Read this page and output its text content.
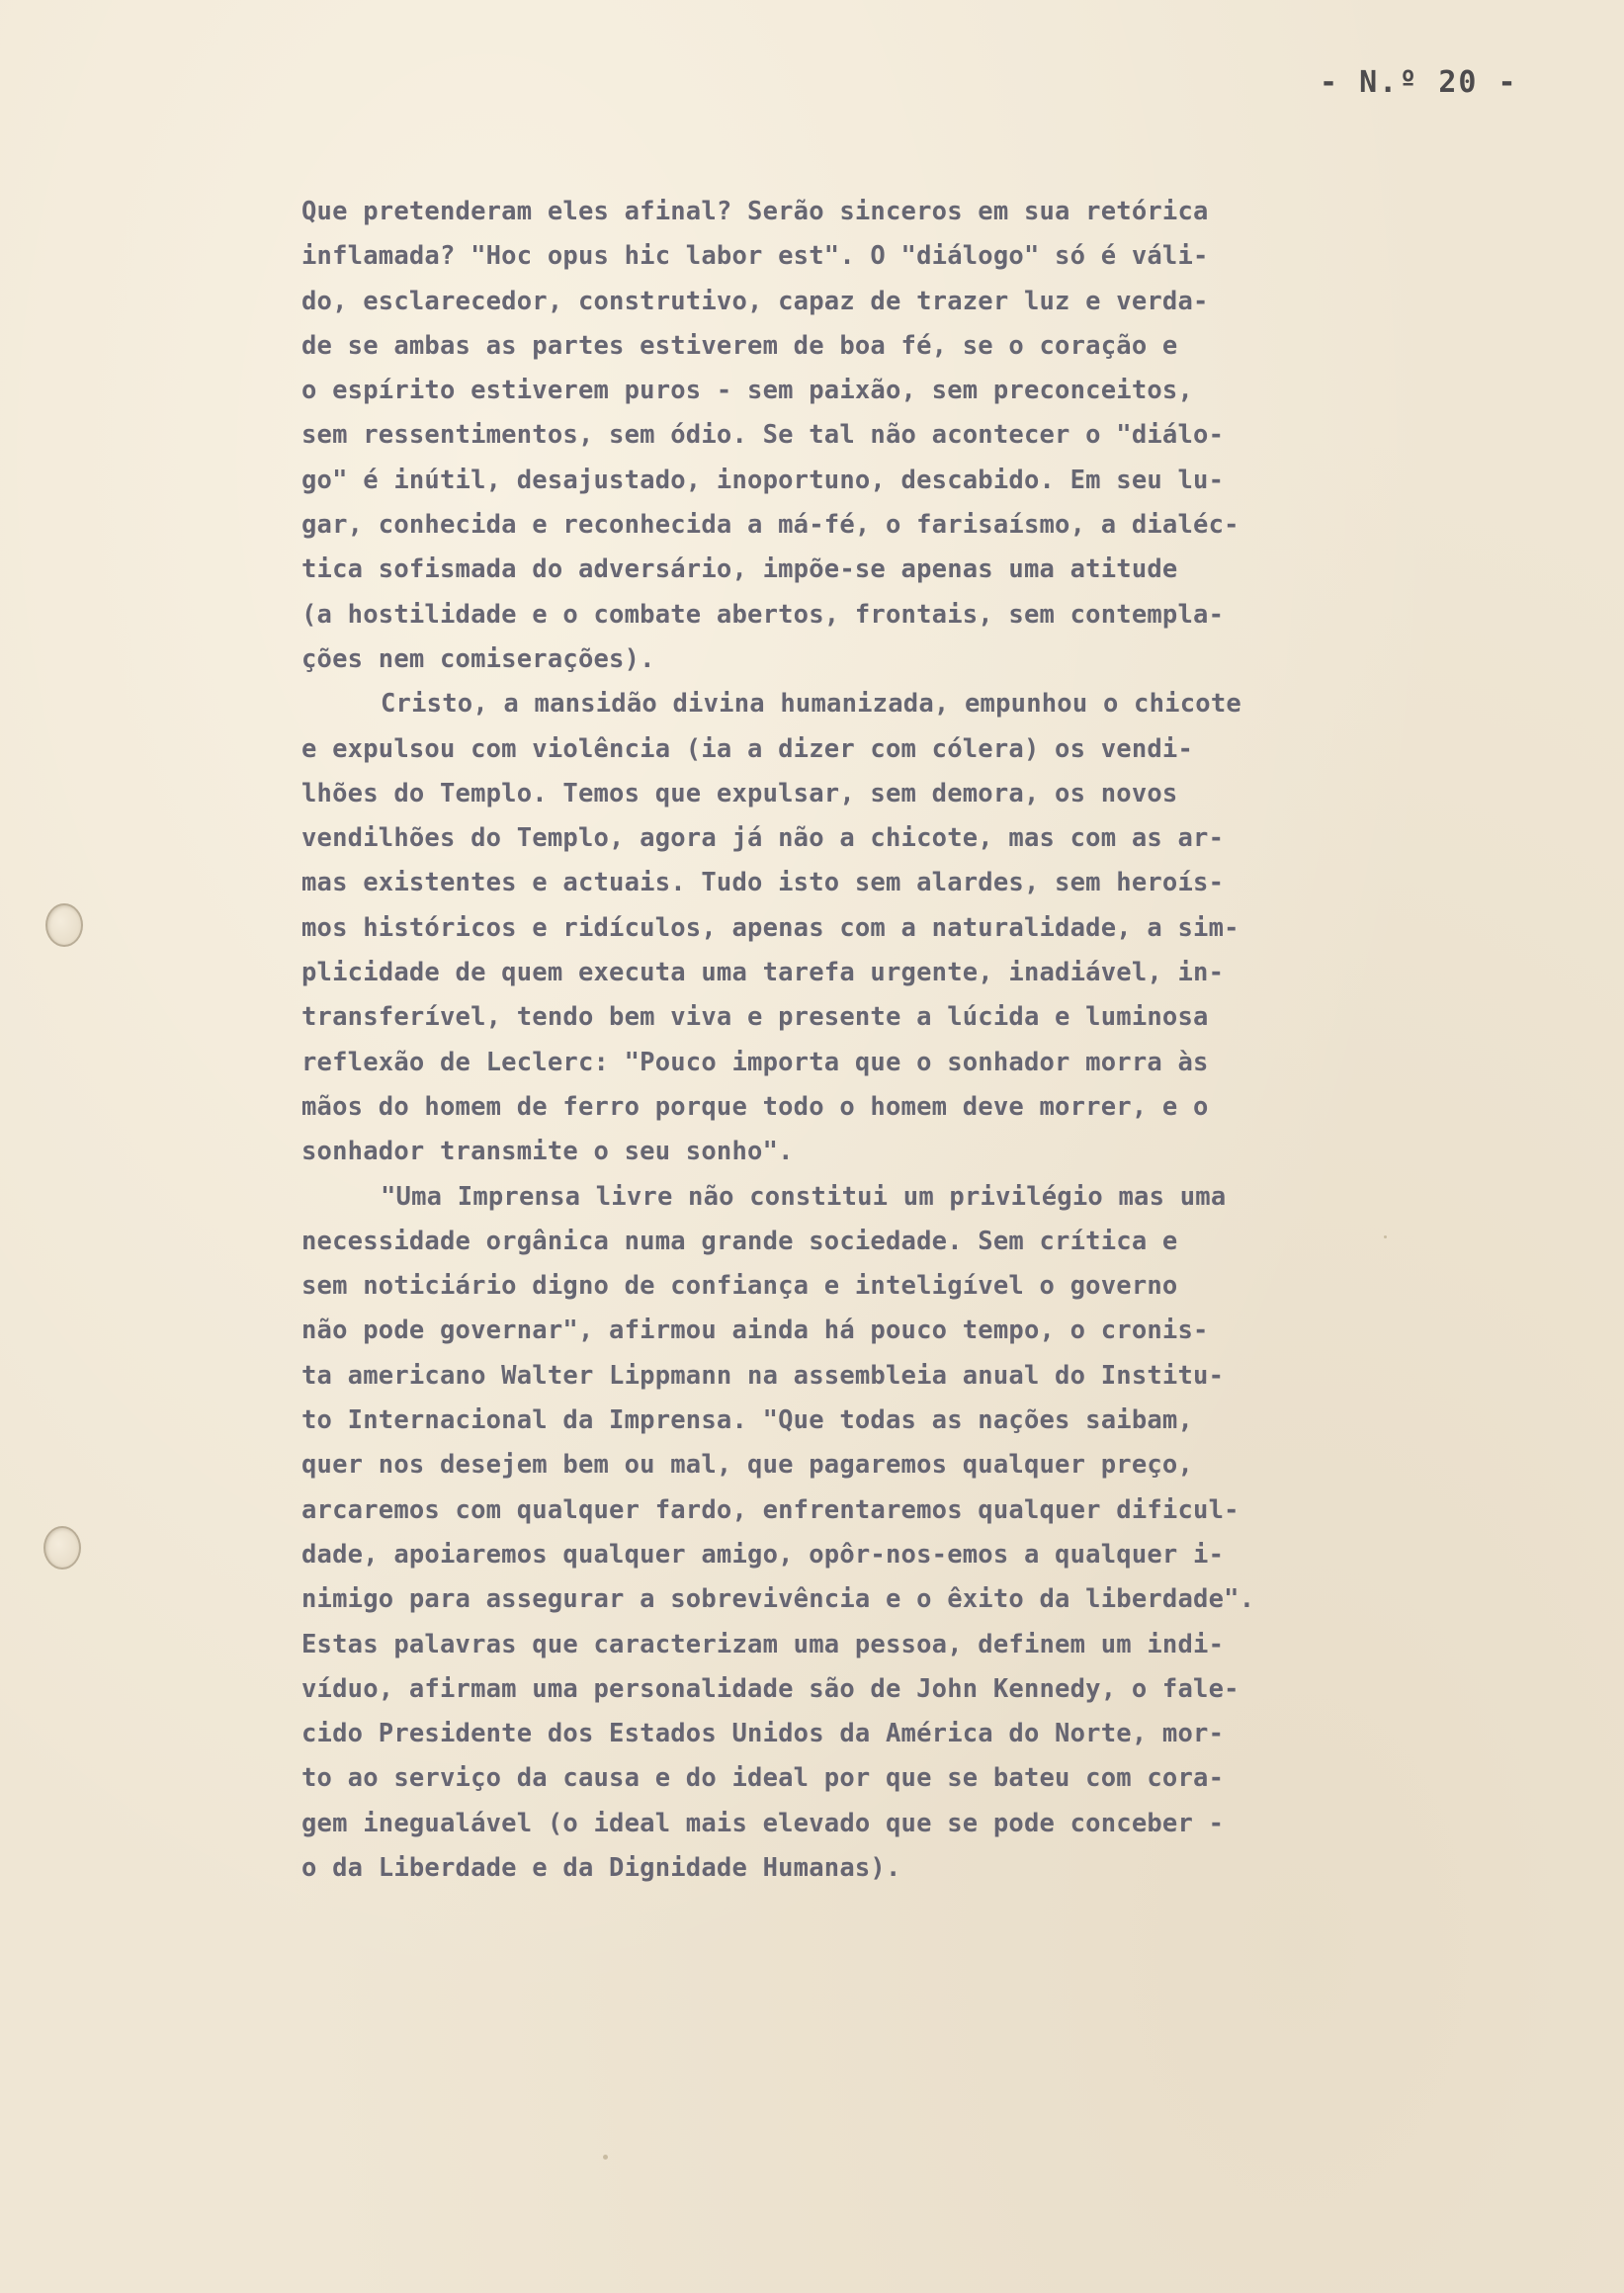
- N.º 20 -
Que pretenderam eles afinal? Serão sinceros em sua retórica
inflamada? "Hoc opus hic labor est". O "diálogo" só é váli-
do, esclarecedor, construtivo, capaz de trazer luz e verda-
de se ambas as partes estiverem de boa fé, se o coração e
o espírito estiverem puros - sem paixão, sem preconceitos,
sem ressentimentos, sem ódio. Se tal não acontecer o "diálo-
go" é inútil, desajustado, inoportuno, descabido. Em seu lu-
gar, conhecida e reconhecida a má-fé, o farisaísmo, a dialéc-
tica sofismada do adversário, impõe-se apenas uma atitude
(a hostilidade e o combate abertos, frontais, sem contempla-
ções nem comiserações).
Cristo, a mansidão divina humanizada, empunhou o chicote
e expulsou com violência (ia a dizer com cólera) os vendi-
lhões do Templo. Temos que expulsar, sem demora, os novos
vendilhões do Templo, agora já não a chicote, mas com as ar-
mas existentes e actuais. Tudo isto sem alardes, sem heroís-
mos históricos e ridículos, apenas com a naturalidade, a sim-
plicidade de quem executa uma tarefa urgente, inadiável, in-
transferível, tendo bem viva e presente a lúcida e luminosa
reflexão de Leclerc: "Pouco importa que o sonhador morra às
mãos do homem de ferro porque todo o homem deve morrer, e o
sonhador transmite o seu sonho".
"Uma Imprensa livre não constitui um privilégio mas uma
necessidade orgânica numa grande sociedade. Sem crítica e
sem noticiário digno de confiança e inteligível o governo
não pode governar", afirmou ainda há pouco tempo, o cronis-
ta americano Walter Lippmann na assembleia anual do Institu-
to Internacional da Imprensa. "Que todas as nações saibam,
quer nos desejem bem ou mal, que pagaremos qualquer preço,
arcaremos com qualquer fardo, enfrentaremos qualquer dificul-
dade, apoiaremos qualquer amigo, opôr-nos-emos a qualquer i-
nimigo para assegurar a sobrevivência e o êxito da liberdade".
Estas palavras que caracterizam uma pessoa, definem um indi-
víduo, afirmam uma personalidade são de John Kennedy, o fale-
cido Presidente dos Estados Unidos da América do Norte, mor-
to ao serviço da causa e do ideal por que se bateu com cora-
gem inegualável (o ideal mais elevado que se pode conceber -
o da Liberdade e da Dignidade Humanas).
